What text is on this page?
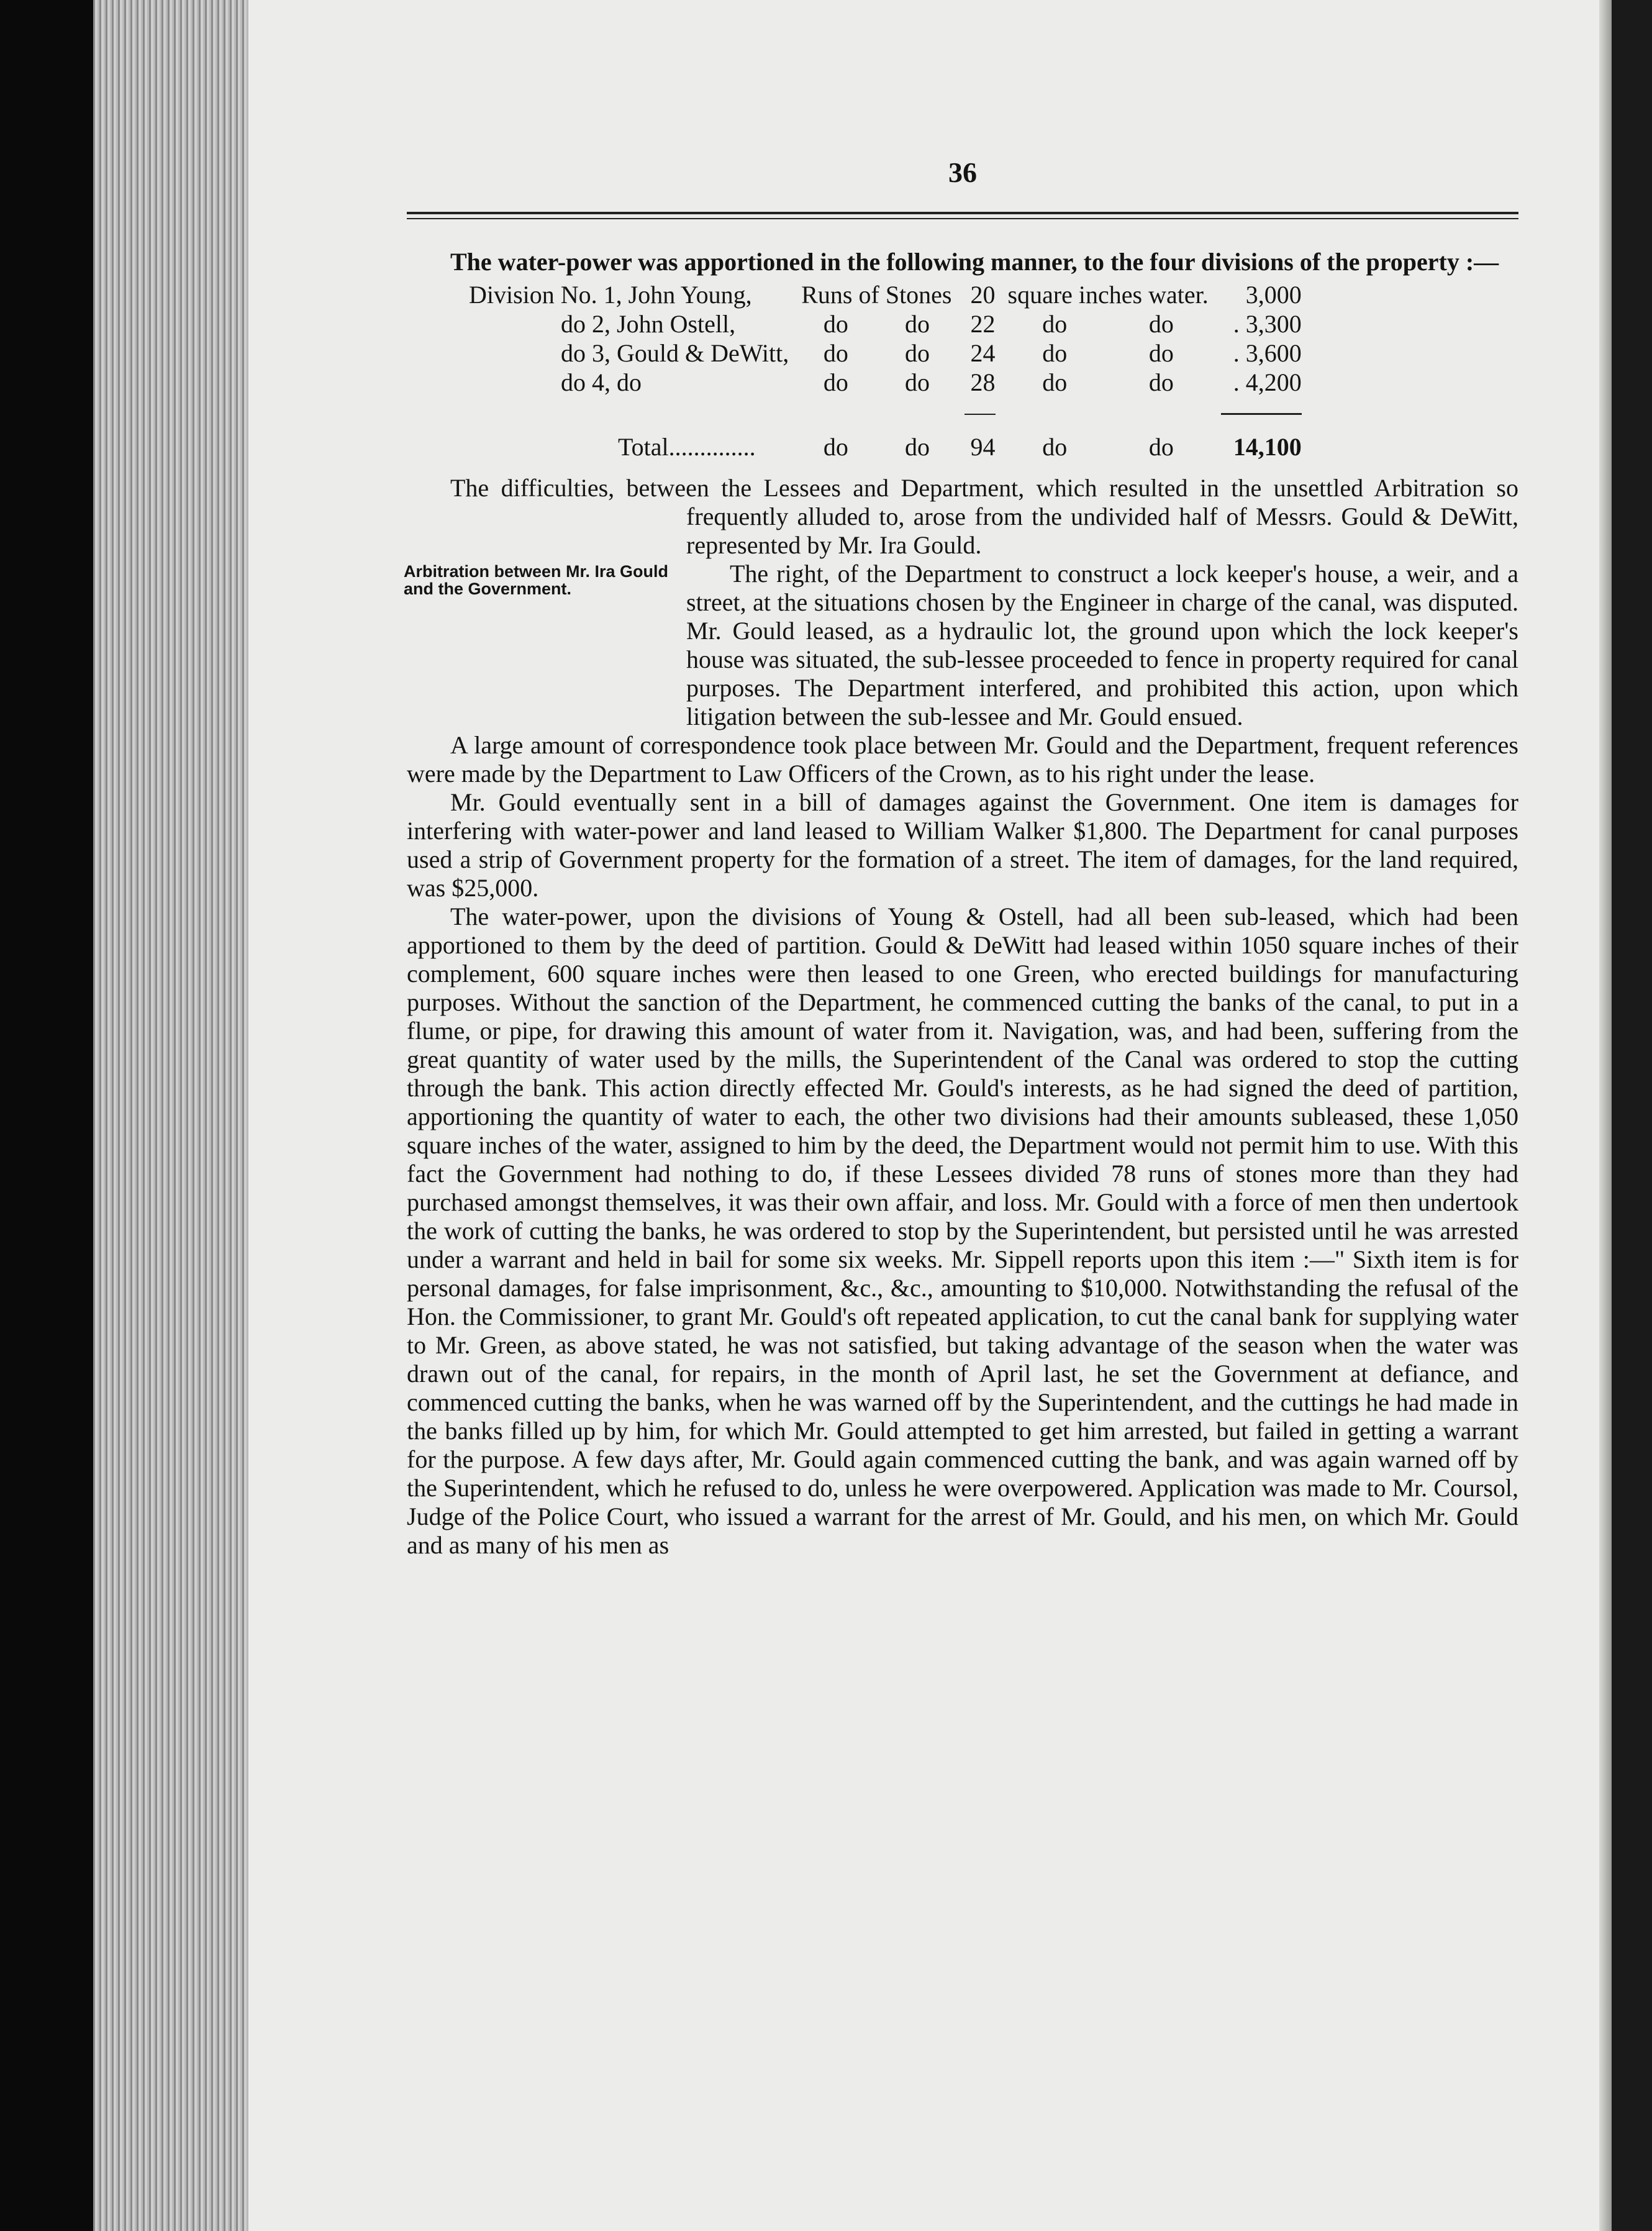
36

The water-power was apportioned in the following manner, to the four divisions of the property :—

Division No. 1, John Young,	Runs of Stones		20	square inches water.		3,000
do 2, John Ostell,	do	do	22	do	do	. 3,300
do 3, Gould & DeWitt,	do	do	24	do	do	. 3,600
do 4, do	do	do	28	do	do	. 4,200

Total..............	do	do	94	do	do	14,100
Arbitration between Mr. Ira Gould and the Government.

The difficulties, between the Lessees and Department, which resulted in the unsettled Arbitration so frequently alluded to, arose from the undivided half of Messrs. Gould & DeWitt, represented by Mr. Ira Gould.

The right, of the Department to construct a lock keeper's house, a weir, and a street, at the situations chosen by the Engineer in charge of the canal, was disputed. Mr. Gould leased, as a hydraulic lot, the ground upon which the lock keeper's house was situated, the sub-lessee proceeded to fence in property required for canal purposes. The Department interfered, and prohibited this action, upon which litigation between the sub-lessee and Mr. Gould ensued.

A large amount of correspondence took place between Mr. Gould and the Department, frequent references were made by the Department to Law Officers of the Crown, as to his right under the lease.

Mr. Gould eventually sent in a bill of damages against the Government. One item is damages for interfering with water-power and land leased to William Walker $1,800. The Department for canal purposes used a strip of Government property for the formation of a street. The item of damages, for the land required, was $25,000.

The water-power, upon the divisions of Young & Ostell, had all been sub-leased, which had been apportioned to them by the deed of partition. Gould & DeWitt had leased within 1050 square inches of their complement, 600 square inches were then leased to one Green, who erected buildings for manufacturing purposes. Without the sanction of the Department, he commenced cutting the banks of the canal, to put in a flume, or pipe, for drawing this amount of water from it. Navigation, was, and had been, suffering from the great quantity of water used by the mills, the Superintendent of the Canal was ordered to stop the cutting through the bank. This action directly effected Mr. Gould's interests, as he had signed the deed of partition, apportioning the quantity of water to each, the other two divisions had their amounts subleased, these 1,050 square inches of the water, assigned to him by the deed, the Department would not permit him to use. With this fact the Government had nothing to do, if these Lessees divided 78 runs of stones more than they had purchased amongst themselves, it was their own affair, and loss. Mr. Gould with a force of men then undertook the work of cutting the banks, he was ordered to stop by the Superintendent, but persisted until he was arrested under a warrant and held in bail for some six weeks. Mr. Sippell reports upon this item :—" Sixth item is for personal damages, for false imprisonment, &c., &c., amounting to $10,000. Notwithstanding the refusal of the Hon. the Commissioner, to grant Mr. Gould's oft repeated application, to cut the canal bank for supplying water to Mr. Green, as above stated, he was not satisfied, but taking advantage of the season when the water was drawn out of the canal, for repairs, in the month of April last, he set the Government at defiance, and commenced cutting the banks, when he was warned off by the Superintendent, and the cuttings he had made in the banks filled up by him, for which Mr. Gould attempted to get him arrested, but failed in getting a warrant for the purpose. A few days after, Mr. Gould again commenced cutting the bank, and was again warned off by the Superintendent, which he refused to do, unless he were overpowered. Application was made to Mr. Coursol, Judge of the Police Court, who issued a warrant for the arrest of Mr. Gould, and his men, on which Mr. Gould and as many of his men as
